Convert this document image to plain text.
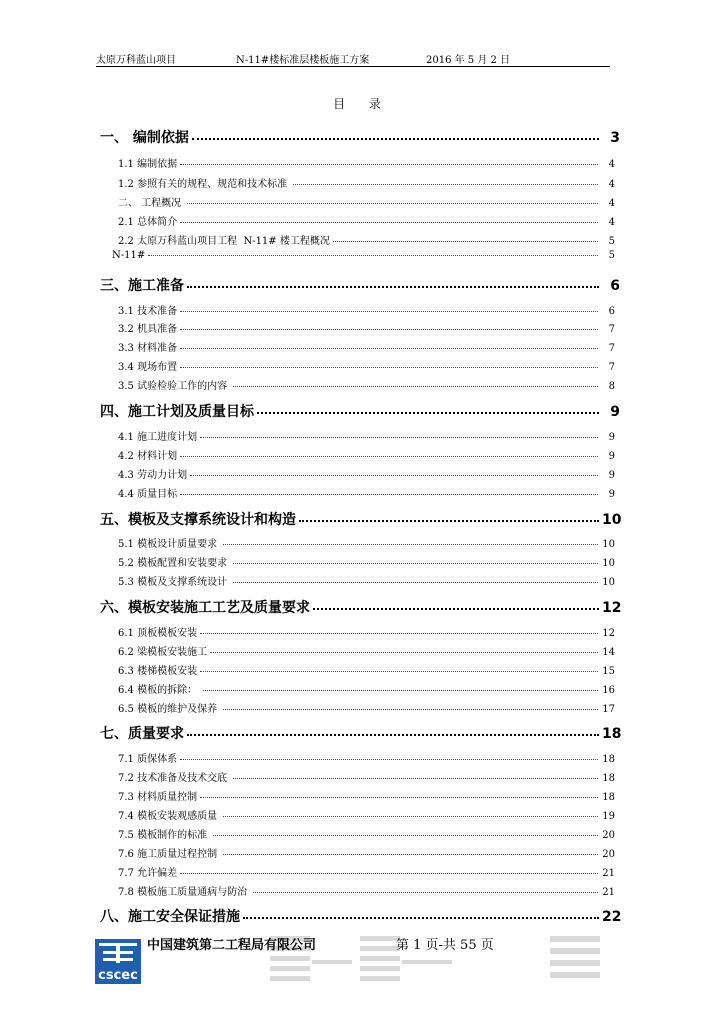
太原万科蓝山项目	N-11#楼标准层楼板施工方案	2016 年 5 月 2 日
目 录
一、 编制依据	3
1.1 编制依据	4
1.2 参照有关的规程、规范和技术标准	4
二、 工程概况	4
2.1 总体简介	4
2.2 太原万科蓝山项目工程  N-11# 楼工程概况	5
N-11#	5
三、施工准备	6
3.1 技术准备	6
3.2 机具准备	7
3.3 材料准备	7
3.4 现场布置	7
3.5 试验检验工作的内容	8
四、施工计划及质量目标	9
4.1 施工进度计划	9
4.2 材料计划	9
4.3 劳动力计划	9
4.4 质量目标	9
五、模板及支撑系统设计和构造	10
5.1 模板设计质量要求	10
5.2 模板配置和安装要求	10
5.3 模板及支撑系统设计	10
六、模板安装施工工艺及质量要求	12
6.1 顶板模板安装	12
6.2 梁模板安装施工	14
6.3 楼梯模板安装	15
6.4 模板的拆除：	16
6.5 模板的维护及保养	17
七、质量要求	18
7.1 质保体系	18
7.2 技术准备及技术交底	18
7.3 材料质量控制	18
7.4 模板安装观感质量	19
7.5 模板制作的标准	20
7.6 施工质量过程控制	20
7.7 允许偏差	21
7.8 模板施工质量通病与防治	21
八、施工安全保证措施	22
cscec
中国建筑第二工程局有限公司	第 1 页-共 55 页
